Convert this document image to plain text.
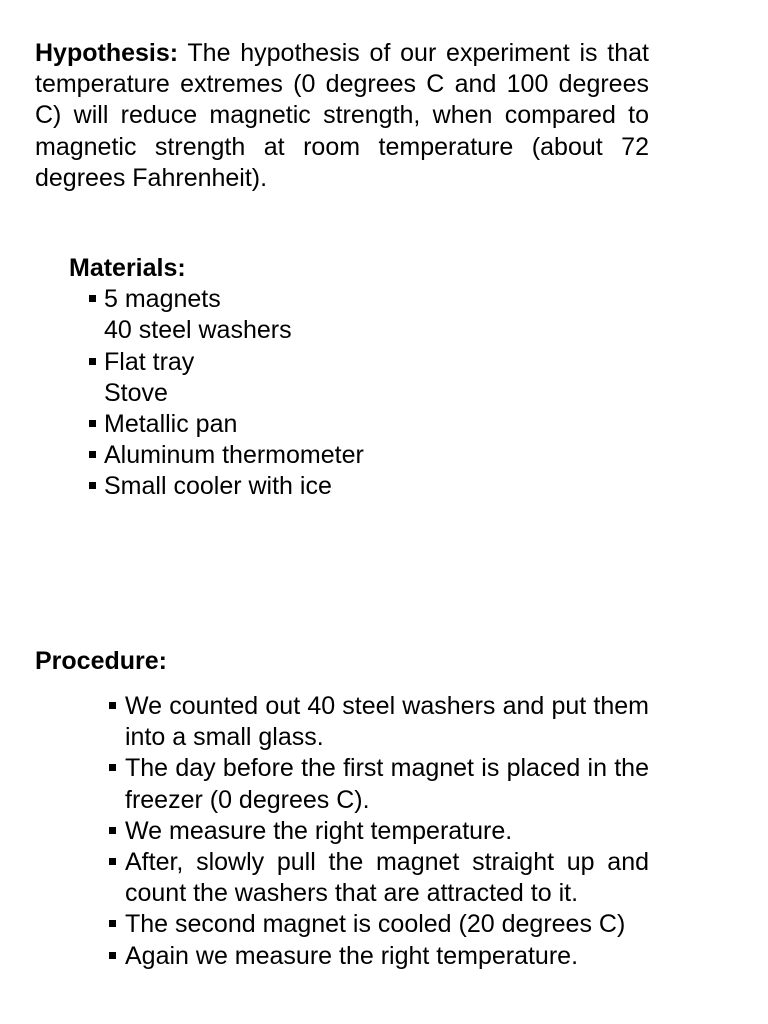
Hypothesis: The hypothesis of our experiment is that temperature extremes (0 degrees C and 100 degrees C) will reduce magnetic strength, when compared to magnetic strength at room temperature (about 72 degrees Fahrenheit).

Materials:

5 magnets
40 steel washers
Flat tray
Stove
Metallic pan
Aluminum thermometer
Small cooler with ice

Procedure:

We counted out 40 steel washers and put them into a small glass.
The day before the first magnet is placed in the freezer (0 degrees C).
We measure the right temperature.
After, slowly pull the magnet straight up and count the washers that are attracted to it.
The second magnet is cooled (20 degrees C)
Again we measure the right temperature.
